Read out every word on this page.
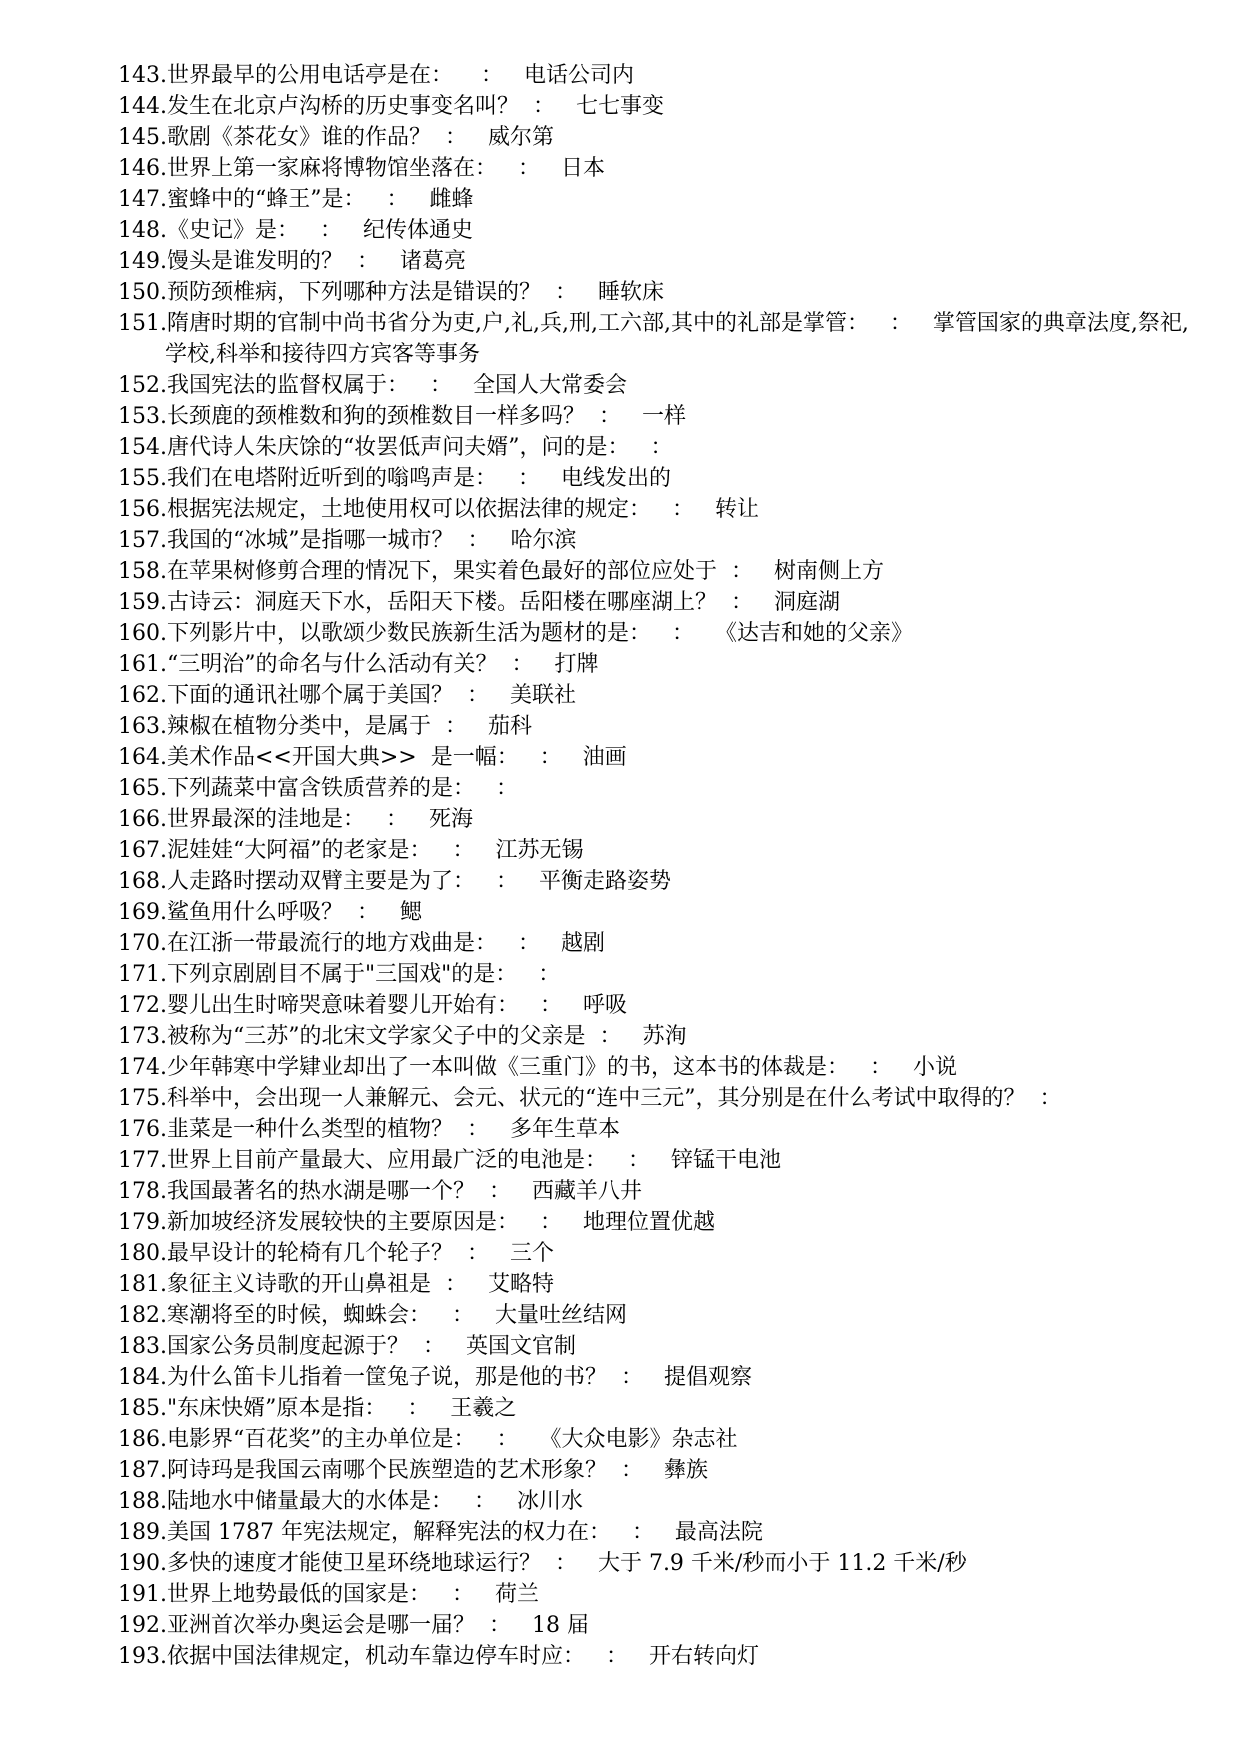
143.世界最早的公用电话亭是在：    ：   电话公司内
144.发生在北京卢沟桥的历史事变名叫？  ：   七七事变
145.歌剧《茶花女》谁的作品？  ：   威尔第
146.世界上第一家麻将博物馆坐落在：   ：   日本
147.蜜蜂中的“蜂王”是：   ：   雌蜂
148.《史记》是：   ：   纪传体通史
149.馒头是谁发明的？  ：   诸葛亮
150.预防颈椎病，下列哪种方法是错误的？  ：   睡软床
151.隋唐时期的官制中尚书省分为吏,户,礼,兵,刑,工六部,其中的礼部是掌管：   ：   掌管国家的典章法度,祭祀,学校,科举和接待四方宾客等事务
152.我国宪法的监督权属于：   ：   全国人大常委会
153.长颈鹿的颈椎数和狗的颈椎数目一样多吗？  ：   一样
154.唐代诗人朱庆馀的“妆罢低声问夫婿”，问的是：   ：
155.我们在电塔附近听到的嗡鸣声是：   ：   电线发出的
156.根据宪法规定，土地使用权可以依据法律的规定：   ：   转让
157.我国的“冰城”是指哪一城市？  ：   哈尔滨
158.在苹果树修剪合理的情况下，果实着色最好的部位应处于  ：   树南侧上方
159.古诗云：洞庭天下水，岳阳天下楼。岳阳楼在哪座湖上？  ：   洞庭湖
160.下列影片中，以歌颂少数民族新生活为题材的是：   ：   《达吉和她的父亲》
161.“三明治”的命名与什么活动有关？  ：   打牌
162.下面的通讯社哪个属于美国？  ：   美联社
163.辣椒在植物分类中，是属于  ：   茄科
164.美术作品<<开国大典>>  是一幅：   ：   油画
165.下列蔬菜中富含铁质营养的是：   ：
166.世界最深的洼地是：   ：   死海
167.泥娃娃“大阿福”的老家是：   ：   江苏无锡
168.人走路时摆动双臂主要是为了：   ：   平衡走路姿势
169.鲨鱼用什么呼吸？  ：   鳃
170.在江浙一带最流行的地方戏曲是：   ：   越剧
171.下列京剧剧目不属于"三国戏"的是：   ：
172.婴儿出生时啼哭意味着婴儿开始有：   ：   呼吸
173.被称为“三苏”的北宋文学家父子中的父亲是  ：   苏洵
174.少年韩寒中学肄业却出了一本叫做《三重门》的书，这本书的体裁是：   ：   小说
175.科举中，会出现一人兼解元、会元、状元的“连中三元”，其分别是在什么考试中取得的？  ：
176.韭菜是一种什么类型的植物？  ：   多年生草本
177.世界上目前产量最大、应用最广泛的电池是：   ：   锌锰干电池
178.我国最著名的热水湖是哪一个？  ：   西藏羊八井
179.新加坡经济发展较快的主要原因是：   ：   地理位置优越
180.最早设计的轮椅有几个轮子？  ：   三个
181.象征主义诗歌的开山鼻祖是  ：   艾略特
182.寒潮将至的时候，蜘蛛会：   ：   大量吐丝结网
183.国家公务员制度起源于？  ：   英国文官制
184.为什么笛卡儿指着一筐兔子说，那是他的书？  ：   提倡观察
185."东床快婿”原本是指：   ：   王羲之
186.电影界“百花奖”的主办单位是：   ：   《大众电影》杂志社
187.阿诗玛是我国云南哪个民族塑造的艺术形象？  ：   彝族
188.陆地水中储量最大的水体是：   ：   冰川水
189.美国 1787 年宪法规定，解释宪法的权力在：   ：   最高法院
190.多快的速度才能使卫星环绕地球运行？  ：   大于 7.9 千米/秒而小于 11.2 千米/秒
191.世界上地势最低的国家是：   ：   荷兰
192.亚洲首次举办奥运会是哪一届？  ：   18 届
193.依据中国法律规定，机动车靠边停车时应：   ：   开右转向灯
